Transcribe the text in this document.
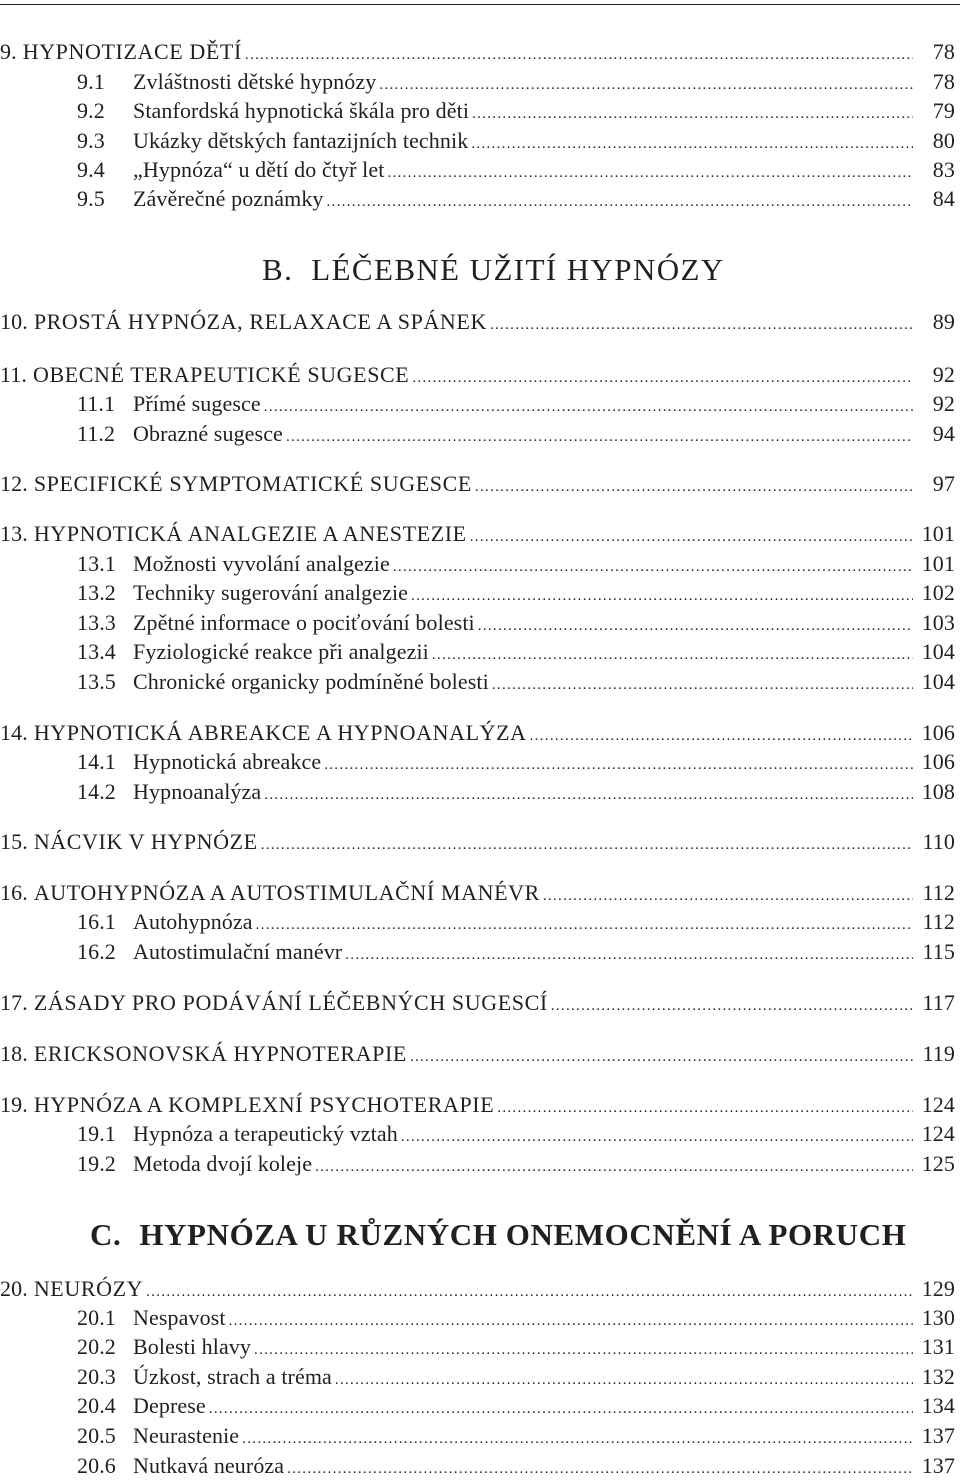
9. HYPNOTIZACE DĚTÍ .....	78
9.1	Zvláštnosti dětské hypnózy .....	78
9.2	Stanfordská hypnotická škála pro děti .....	79
9.3	Ukázky dětských fantazijních technik .....	80
9.4	„Hypnóza“ u dětí do čtyř let .....	83
9.5	Závěrečné poznámky .....	84
B. LÉČEBNÉ UŽITÍ HYPNÓZY
10. PROSTÁ HYPNÓZA, RELAXACE A SPÁNEK .....	89
11. OBECNÉ TERAPEUTICKÉ SUGESCE .....	92
11.1 Přímé sugesce .....	92
11.2 Obrazné sugesce .....	94
12. SPECIFICKÉ SYMPTOMATICKÉ SUGESCE .....	97
13. HYPNOTICKÁ ANALGEZIE A ANESTEZIE .....	101
13.1 Možnosti vyvolání analgezie .....	101
13.2 Techniky sugerování analgezie .....	102
13.3 Zpětné informace o pociťování bolesti .....	103
13.4 Fyziologické reakce při analgezii .....	104
13.5 Chronické organicky podmíněné bolesti .....	104
14. HYPNOTICKÁ ABREAKCE A HYPNOANALÝZA .....	106
14.1 Hypnotická abreakce .....	106
14.2 Hypnoanalýza .....	108
15. NÁCVIK V HYPNÓZE .....	110
16. AUTOHYPNÓZA A AUTOSTIMULAČNÍ MANÉVR .....	112
16.1 Autohypnóza .....	112
16.2 Autostimulační manévr .....	115
17. ZÁSADY PRO PODÁVÁNÍ LÉČEBNÝCH SUGESCÍ .....	117
18. ERICKSONOVSKÁ HYPNOTERAPIE .....	119
19. HYPNÓZA A KOMPLEXNÍ PSYCHOTERAPIE .....	124
19.1 Hypnóza a terapeutický vztah .....	124
19.2 Metoda dvojí koleje .....	125
C. HYPNÓZA U RŮZNÝCH ONEMOCNĚNÍ A PORUCH
20. NEURÓZY .....	129
20.1 Nespavost .....	130
20.2 Bolesti hlavy .....	131
20.3 Úzkost, strach a tréma .....	132
20.4 Deprese .....	134
20.5 Neurastenie .....	137
20.6 Nutkavá neuróza .....	137
